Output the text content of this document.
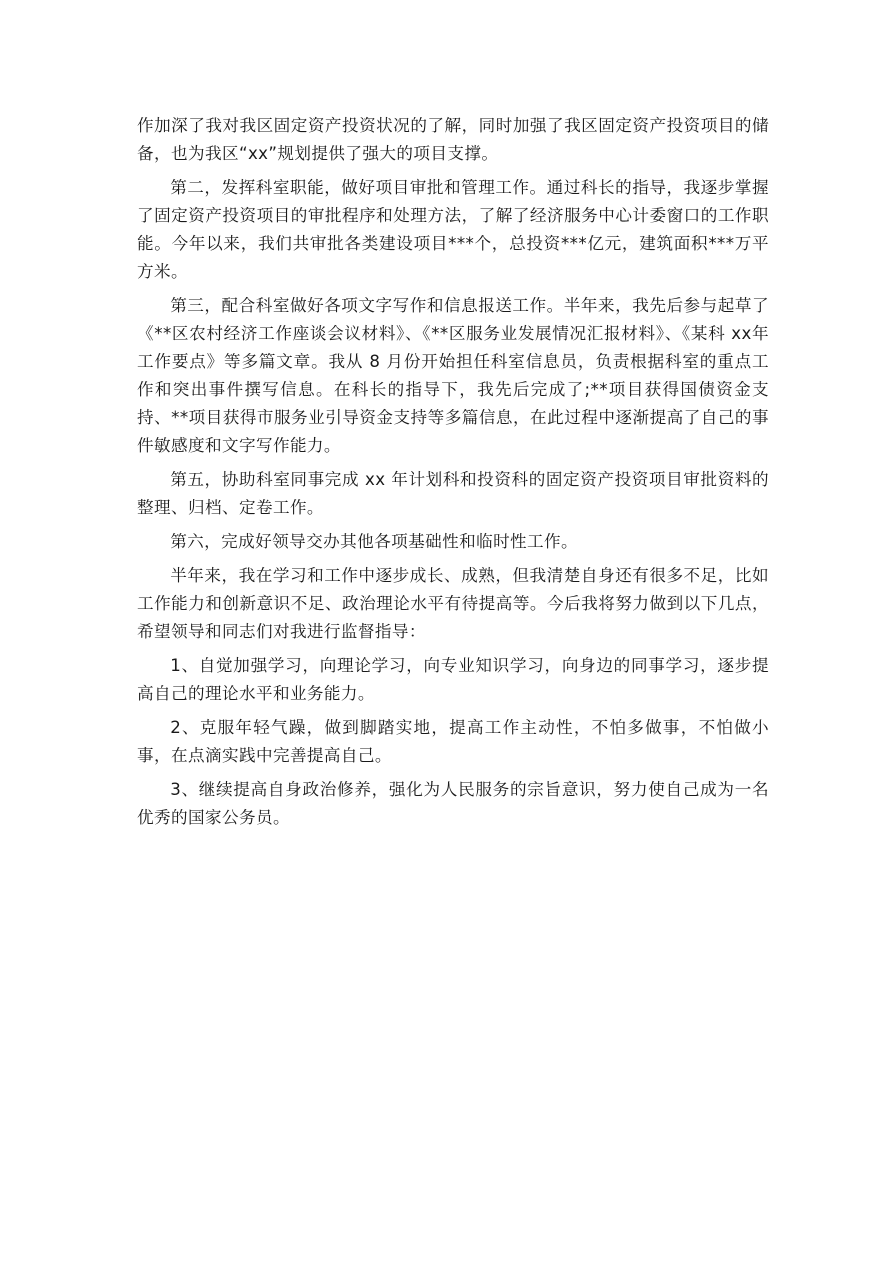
作加深了我对我区固定资产投资状况的了解，同时加强了我区固定资产投资项目的储备，也为我区“xx”规划提供了强大的项目支撑。

第二，发挥科室职能，做好项目审批和管理工作。通过科长的指导，我逐步掌握了固定资产投资项目的审批程序和处理方法，了解了经济服务中心计委窗口的工作职能。今年以来，我们共审批各类建设项目***个，总投资***亿元，建筑面积***万平方米。

第三，配合科室做好各项文字写作和信息报送工作。半年来，我先后参与起草了《**区农村经济工作座谈会议材料》、《**区服务业发展情况汇报材料》、《某科 xx年工作要点》等多篇文章。我从 8 月份开始担任科室信息员，负责根据科室的重点工作和突出事件撰写信息。在科长的指导下，我先后完成了;**项目获得国债资金支持、**项目获得市服务业引导资金支持等多篇信息，在此过程中逐渐提高了自己的事件敏感度和文字写作能力。

第五，协助科室同事完成 xx 年计划科和投资科的固定资产投资项目审批资料的整理、归档、定卷工作。

第六，完成好领导交办其他各项基础性和临时性工作。

半年来，我在学习和工作中逐步成长、成熟，但我清楚自身还有很多不足，比如工作能力和创新意识不足、政治理论水平有待提高等。今后我将努力做到以下几点，希望领导和同志们对我进行监督指导：

1、自觉加强学习，向理论学习，向专业知识学习，向身边的同事学习，逐步提高自己的理论水平和业务能力。

2、克服年轻气躁，做到脚踏实地，提高工作主动性，不怕多做事，不怕做小事，在点滴实践中完善提高自己。

3、继续提高自身政治修养，强化为人民服务的宗旨意识，努力使自己成为一名优秀的国家公务员。
